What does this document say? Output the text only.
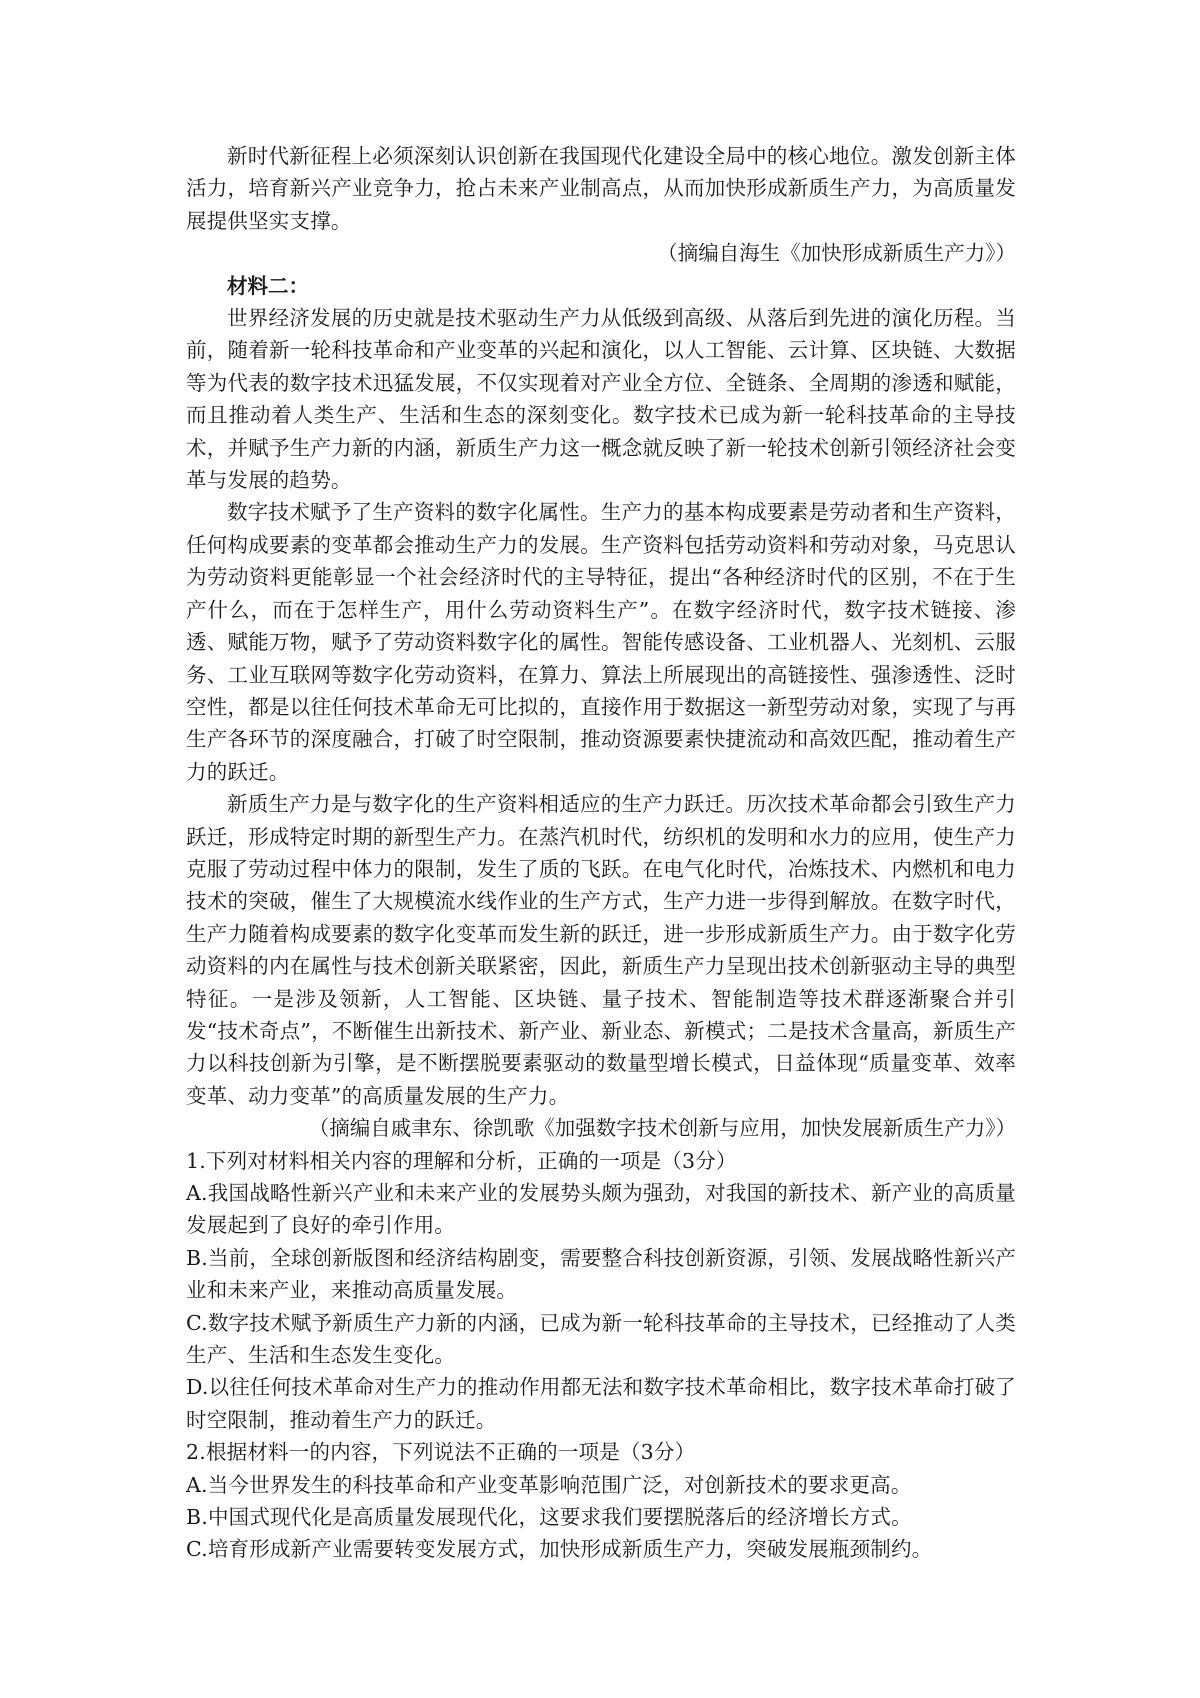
新时代新征程上必须深刻认识创新在我国现代化建设全局中的核心地位。激发创新主体活力，培育新兴产业竞争力，抢占未来产业制高点，从而加快形成新质生产力，为高质量发展提供坚实支撑。

（摘编自海生《加快形成新质生产力》）

材料二：

世界经济发展的历史就是技术驱动生产力从低级到高级、从落后到先进的演化历程。当前，随着新一轮科技革命和产业变革的兴起和演化，以人工智能、云计算、区块链、大数据等为代表的数字技术迅猛发展，不仅实现着对产业全方位、全链条、全周期的渗透和赋能，而且推动着人类生产、生活和生态的深刻变化。数字技术已成为新一轮科技革命的主导技术，并赋予生产力新的内涵，新质生产力这一概念就反映了新一轮技术创新引领经济社会变革与发展的趋势。

数字技术赋予了生产资料的数字化属性。生产力的基本构成要素是劳动者和生产资料，任何构成要素的变革都会推动生产力的发展。生产资料包括劳动资料和劳动对象，马克思认为劳动资料更能彰显一个社会经济时代的主导特征，提出“各种经济时代的区别，不在于生产什么，而在于怎样生产，用什么劳动资料生产”。在数字经济时代，数字技术链接、渗透、赋能万物，赋予了劳动资料数字化的属性。智能传感设备、工业机器人、光刻机、云服务、工业互联网等数字化劳动资料，在算力、算法上所展现出的高链接性、强渗透性、泛时空性，都是以往任何技术革命无可比拟的，直接作用于数据这一新型劳动对象，实现了与再生产各环节的深度融合，打破了时空限制，推动资源要素快捷流动和高效匹配，推动着生产力的跃迁。

新质生产力是与数字化的生产资料相适应的生产力跃迁。历次技术革命都会引致生产力跃迁，形成特定时期的新型生产力。在蒸汽机时代，纺织机的发明和水力的应用，使生产力克服了劳动过程中体力的限制，发生了质的飞跃。在电气化时代，冶炼技术、内燃机和电力技术的突破，催生了大规模流水线作业的生产方式，生产力进一步得到解放。在数字时代，生产力随着构成要素的数字化变革而发生新的跃迁，进一步形成新质生产力。由于数字化劳动资料的内在属性与技术创新关联紧密，因此，新质生产力呈现出技术创新驱动主导的典型特征。一是涉及领新，人工智能、区块链、量子技术、智能制造等技术群逐渐聚合并引发“技术奇点”，不断催生出新技术、新产业、新业态、新模式；二是技术含量高，新质生产力以科技创新为引擎，是不断摆脱要素驱动的数量型增长模式，日益体现“质量变革、效率变革、动力变革”的高质量发展的生产力。

（摘编自戚聿东、徐凯歌《加强数字技术创新与应用，加快发展新质生产力》）

1.下列对材料相关内容的理解和分析，正确的一项是（3分）

A.我国战略性新兴产业和未来产业的发展势头颇为强劲，对我国的新技术、新产业的高质量发展起到了良好的牵引作用。

B.当前，全球创新版图和经济结构剧变，需要整合科技创新资源，引领、发展战略性新兴产业和未来产业，来推动高质量发展。

C.数字技术赋予新质生产力新的内涵，已成为新一轮科技革命的主导技术，已经推动了人类生产、生活和生态发生变化。

D.以往任何技术革命对生产力的推动作用都无法和数字技术革命相比，数字技术革命打破了时空限制，推动着生产力的跃迁。

2.根据材料一的内容，下列说法不正确的一项是（3分）

A.当今世界发生的科技革命和产业变革影响范围广泛，对创新技术的要求更高。

B.中国式现代化是高质量发展现代化，这要求我们要摆脱落后的经济增长方式。

C.培育形成新产业需要转变发展方式，加快形成新质生产力，突破发展瓶颈制约。
